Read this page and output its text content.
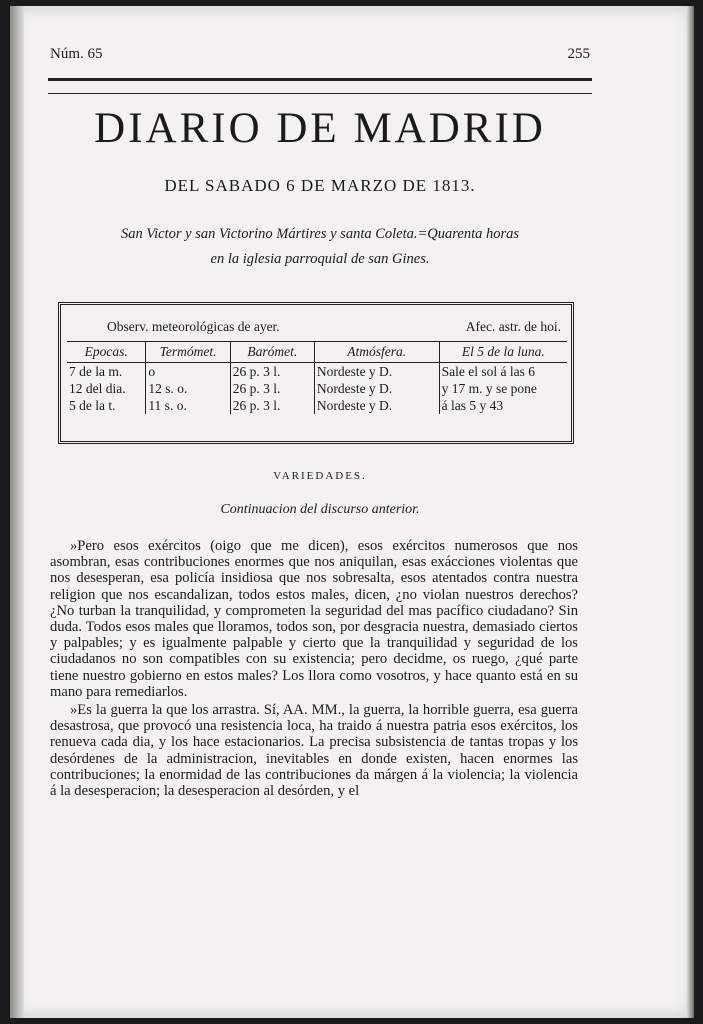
Núm. 65	255
DIARIO DE MADRID
DEL SABADO 6 DE MARZO DE 1813.
San Victor y san Victorino Mártires y santa Coleta.=Quarenta horas
en la iglesia parroquial de san Gines.
Observ. meteorológicas de ayer.	Afec. astr. de hoi.
Epocas.	Termómet.	Barómet.	Atmósfera.	El 5 de la luna.
7 de la m.	o	26 p. 3 l.	Nordeste y D.	Sale el sol á las 6
12 del dia.	12 s. o.	26 p. 3 l.	Nordeste y D.	y 17 m. y se pone
5 de la t.	11 s. o.	26 p. 3 l.	Nordeste y D.	á las 5 y 43
VARIEDADES.
Continuacion del discurso anterior.

»Pero esos exércitos (oigo que me dicen), esos exércitos numerosos que nos asombran, esas contribuciones enormes que nos aniquilan, esas exácciones violentas que nos desesperan, esa policía insidiosa que nos sobresalta, esos atentados contra nuestra religion que nos escandalizan, todos estos males, dicen, ¿no violan nuestros derechos? ¿No turban la tranquilidad, y comprometen la seguridad del mas pacífico ciudadano? Sin duda. Todos esos males que lloramos, todos son, por desgracia nuestra, demasiado ciertos y palpables; y es igualmente palpable y cierto que la tranquilidad y seguridad de los ciudadanos no son compatibles con su existencia; pero decidme, os ruego, ¿qué parte tiene nuestro gobierno en estos males? Los llora como vosotros, y hace quanto está en su mano para remediarlos.

»Es la guerra la que los arrastra. Sí, AA. MM., la guerra, la horrible guerra, esa guerra desastrosa, que provocó una resistencia loca, ha traido á nuestra patria esos exércitos, los renueva cada dia, y los hace estacionarios. La precisa subsistencia de tantas tropas y los desórdenes de la administracion, inevitables en donde existen, hacen enormes las contribuciones; la enormidad de las contribuciones da márgen á la violencia; la violencia á la desesperacion; la desesperacion al desórden, y el
